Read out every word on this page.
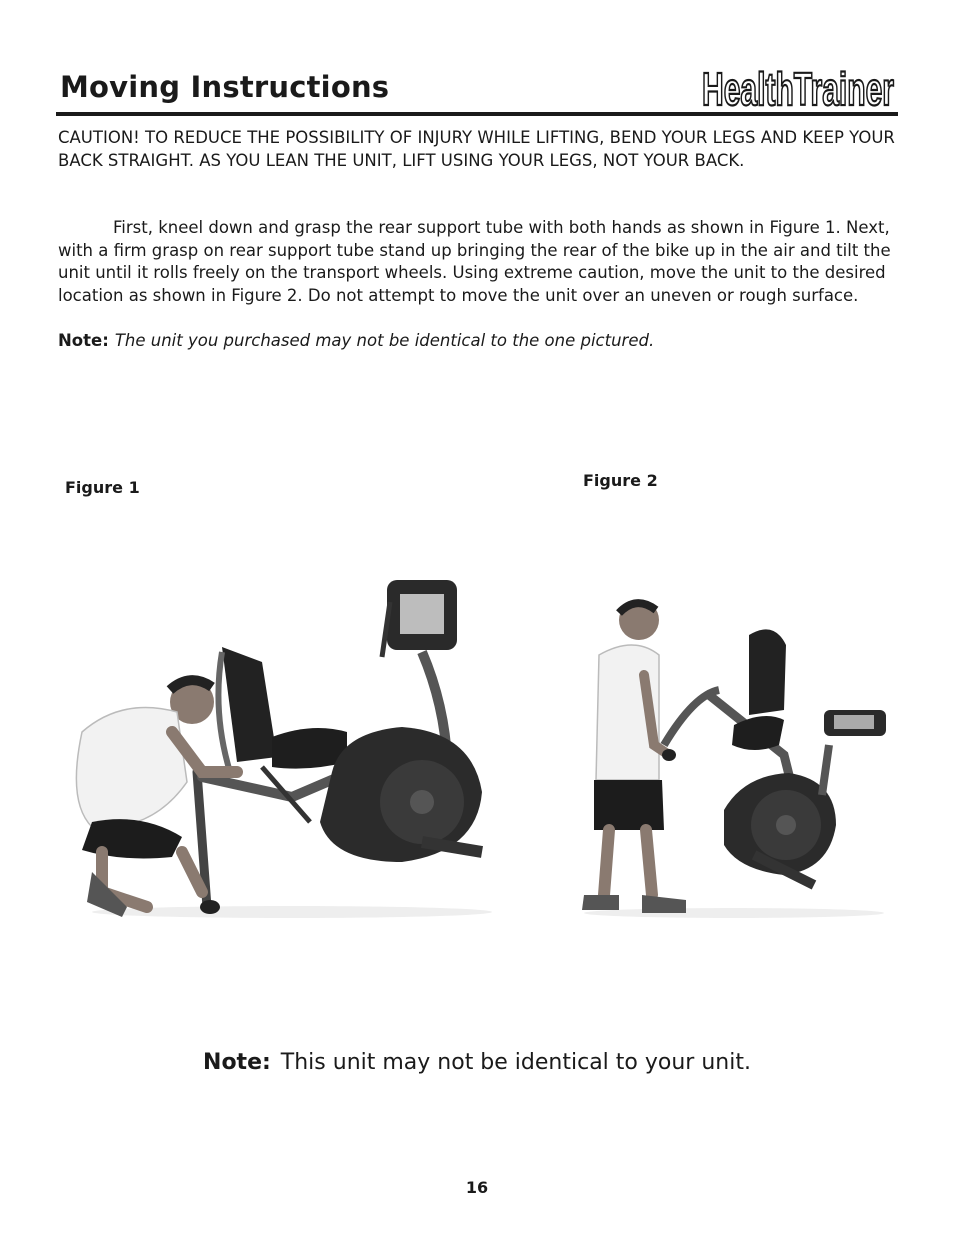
Moving Instructions	HealthTrainer

CAUTION! TO REDUCE THE POSSIBILITY OF INJURY WHILE LIFTING, BEND YOUR LEGS AND KEEP YOUR BACK STRAIGHT. AS YOU LEAN THE UNIT, LIFT USING YOUR LEGS, NOT YOUR BACK.

First, kneel down and grasp the rear support tube with both hands as shown in Figure 1. Next, with a firm grasp on rear support tube stand up bringing the rear of the bike up in the air and tilt the unit until it rolls freely on the transport wheels. Using extreme caution, move the unit to the desired location as shown in Figure 2. Do not attempt to move the unit over an uneven or rough surface.

Note: The unit you purchased may not be identical to the one pictured.

Figure 1	Figure 2
Note: This unit may not be identical to your unit.
16
